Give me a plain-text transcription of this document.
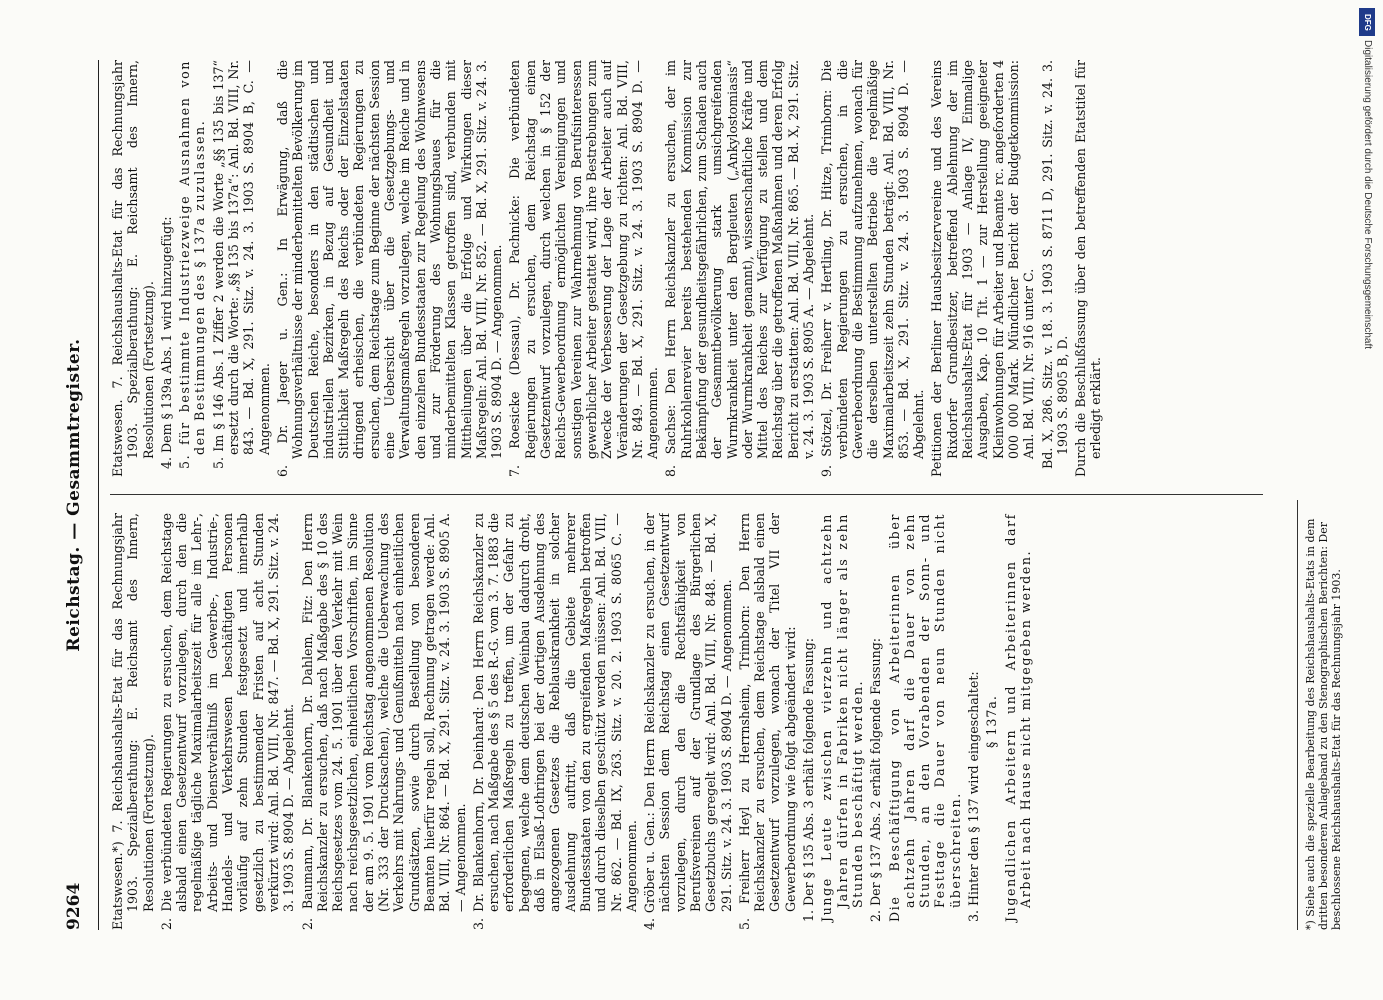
9264
Reichstag. — Gesammtregister.

Etatswesen.*) 7. Reichshaushalts-Etat für das Rechnungsjahr 1903. Spezialberathung: E. Reichsamt des Innern, Resolutionen (Fortsetzung). 2. Die verbündeten Regierungen zu ersuchen, dem Reichstage alsbald einen Gesetzentwurf vorzulegen, durch den die regelmäßige tägliche Maximalarbeitszeit für alle im Lehr-, Arbeits- und Dienstverhältniß im Gewerbe-, Industrie-, Handels- und Verkehrswesen beschäftigten Personen vorläufig auf zehn Stunden festgesetzt und innerhalb gesetzlich zu bestimmender Fristen auf acht Stunden verkürzt wird: Anl. Bd. VIII, Nr. 847. — Bd. X, 291. Sitz. v. 24. 3. 1903 S. 8904 D. — Abgelehnt. 2. Baumann, Dr. Blankenhorn, Dr. Dahlem, Fitz: Den Herrn Reichskanzler zu ersuchen, daß nach Maßgabe des § 10 des Reichsgesetzes vom 24. 5. 1901 über den Verkehr mit Wein nach reichsgesetzlichen, einheitlichen Vorschriften, im Sinne der am 9. 5. 1901 vom Reichstag angenommenen Resolution (Nr. 333 der Drucksachen), welche die Ueberwachung des Verkehrs mit Nahrungs- und Genußmitteln nach einheitlichen Grundsätzen, sowie durch Bestellung von besonderen Beamten hierfür regeln soll, Rechnung getragen werde: Anl. Bd. VIII, Nr. 864. — Bd. X, 291. Sitz. v. 24. 3. 1903 S. 8905 A. — Angenommen. 3. Dr. Blankenhorn, Dr. Deinhard: Den Herrn Reichskanzler zu ersuchen, nach Maßgabe des § 5 des R.-G. vom 3. 7. 1883 die erforderlichen Maßregeln zu treffen, um der Gefahr zu begegnen, welche dem deutschen Weinbau dadurch droht, daß in Elsaß-Lothringen bei der dortigen Ausdehnung des angezogenen Gesetzes die Reblauskrankheit in solcher Ausdehnung auftritt, daß die Gebiete mehrerer Bundesstaaten von den zu ergreifenden Maßregeln betroffen und durch dieselben geschützt werden müssen: Anl. Bd. VIII, Nr. 862. — Bd. IX, 263. Sitz. v. 20. 2. 1903 S. 8065 C. — Angenommen. 4. Gröber u. Gen.: Den Herrn Reichskanzler zu ersuchen, in der nächsten Session dem Reichstag einen Gesetzentwurf vorzulegen, durch den die Rechtsfähigkeit von Berufsvereinen auf der Grundlage des Bürgerlichen Gesetzbuchs geregelt wird: Anl. Bd. VIII, Nr. 848. — Bd. X, 291. Sitz. v. 24. 3. 1903 S. 8904 D. — Angenommen. 5. Freiherr Heyl zu Herrnsheim, Trimborn: Den Herrn Reichskanzler zu ersuchen, dem Reichstage alsbald einen Gesetzentwurf vorzulegen, wonach der Titel VII der Gewerbeordnung wie folgt abgeändert wird: 1. Der § 135 Abs. 3 erhält folgende Fassung: Junge Leute zwischen vierzehn und achtzehn Jahren dürfen in Fabriken nicht länger als zehn Stunden beschäftigt werden. 2. Der § 137 Abs. 2 erhält folgende Fassung: Die Beschäftigung von Arbeiterinnen über achtzehn Jahren darf die Dauer von zehn Stunden, an den Vorabenden der Sonn- und Festtage die Dauer von neun Stunden nicht überschreiten. 3. Hinter den § 137 wird eingeschaltet: § 137a. Jugendlichen Arbeitern und Arbeiterinnen darf Arbeit nach Hause nicht mitgegeben werden.

Etatswesen. 7. Reichshaushalts-Etat für das Rechnungsjahr 1903. Spezialberathung: E. Reichsamt des Innern, Resolutionen (Fortsetzung). 4. Dem § 139a Abs. 1 wird hinzugefügt: 5. für bestimmte Industriezweige Ausnahmen von den Bestimmungen des § 137a zuzulassen. 5. Im § 146 Abs. 1 Ziffer 2 werden die Worte „§§ 135 bis 137“ ersetzt durch die Worte: „§§ 135 bis 137a“: Anl. Bd. VIII, Nr. 843. — Bd. X, 291. Sitz. v. 24. 3. 1903 S. 8904 B, C. — Angenommen. 6. Dr. Jaeger u. Gen.: In Erwägung, daß die Wohnungsverhältnisse der minderbemittelten Bevölkerung im Deutschen Reiche, besonders in den städtischen und industriellen Bezirken, in Bezug auf Gesundheit und Sittlichkeit Maßregeln des Reichs oder der Einzelstaaten dringend erheischen, die verbündeten Regierungen zu ersuchen, dem Reichstage zum Beginne der nächsten Session eine Uebersicht über die Gesetzgebungs- und Verwaltungsmaßregeln vorzulegen, welche im Reiche und in den einzelnen Bundesstaaten zur Regelung des Wohnwesens und zur Förderung des Wohnungsbaues für die minderbemittelten Klassen getroffen sind, verbunden mit Mittheilungen über die Erfolge und Wirkungen dieser Maßregeln: Anl. Bd. VIII, Nr. 852. — Bd. X, 291. Sitz. v. 24. 3. 1903 S. 8904 D. — Angenommen. 7. Roesicke (Dessau), Dr. Pachnicke: Die verbündeten Regierungen zu ersuchen, dem Reichstag einen Gesetzentwurf vorzulegen, durch welchen in § 152 der Reichs-Gewerbeordnung ermöglichten Vereinigungen und sonstigen Vereinen zur Wahrnehmung von Berufsinteressen gewerblicher Arbeiter gestattet wird, ihre Bestrebungen zum Zwecke der Verbesserung der Lage der Arbeiter auch auf Veränderungen der Gesetzgebung zu richten: Anl. Bd. VIII, Nr. 849. — Bd. X, 291. Sitz. v. 24. 3. 1903 S. 8904 D. — Angenommen. 8. Sachse: Den Herrn Reichskanzler zu ersuchen, der im Ruhrkohlenrevier bereits bestehenden Kommission zur Bekämpfung der gesundheitsgefährlichen, zum Schaden auch der Gesammtbevölkerung stark umsichgreifenden Wurmkrankheit unter den Bergleuten („Ankylostomiasis“ oder Wurmkrankheit genannt), wissenschaftliche Kräfte und Mittel des Reiches zur Verfügung zu stellen und dem Reichstag über die getroffenen Maßnahmen und deren Erfolg Bericht zu erstatten: Anl. Bd. VIII, Nr. 865. — Bd. X, 291. Sitz. v. 24. 3. 1903 S. 8905 A. — Abgelehnt. 9. Stötzel, Dr. Freiherr v. Hertling, Dr. Hitze, Trimborn: Die verbündeten Regierungen zu ersuchen, in die Gewerbeordnung die Bestimmung aufzunehmen, wonach für die derselben unterstellten Betriebe die regelmäßige Maximalarbeitszeit zehn Stunden beträgt: Anl. Bd. VIII, Nr. 853. — Bd. X, 291. Sitz. v. 24. 3. 1903 S. 8904 D. — Abgelehnt. Petitionen der Berliner Hausbesitzervereine und des Vereins Rixdorfer Grundbesitzer, betreffend Ablehnung der im Reichshaushalts-Etat für 1903 — Anlage IV, Einmalige Ausgaben, Kap. 10 Tit. 1 — zur Herstellung geeigneter Kleinwohnungen für Arbeiter und Beamte rc. angeforderten 4 000 000 Mark. Mündlicher Bericht der Budgetkommission: Anl. Bd. VIII, Nr. 916 unter C. Bd. X, 286. Sitz. v. 18. 3. 1903 S. 8711 D, 291. Sitz. v. 24. 3. 1903 S. 8905 B, D. Durch die Beschlußfassung über den betreffenden Etatstitel für erledigt erklärt.

*) Siehe auch die spezielle Bearbeitung des Reichshaushalts-Etats in dem dritten besonderen Anlageband zu den Stenographischen Berichten: Der beschlossene Reichshaushalts-Etat für das Rechnungsjahr 1903.
DFG
Digitalisierung gefördert durch die Deutsche Forschungsgemeinschaft
